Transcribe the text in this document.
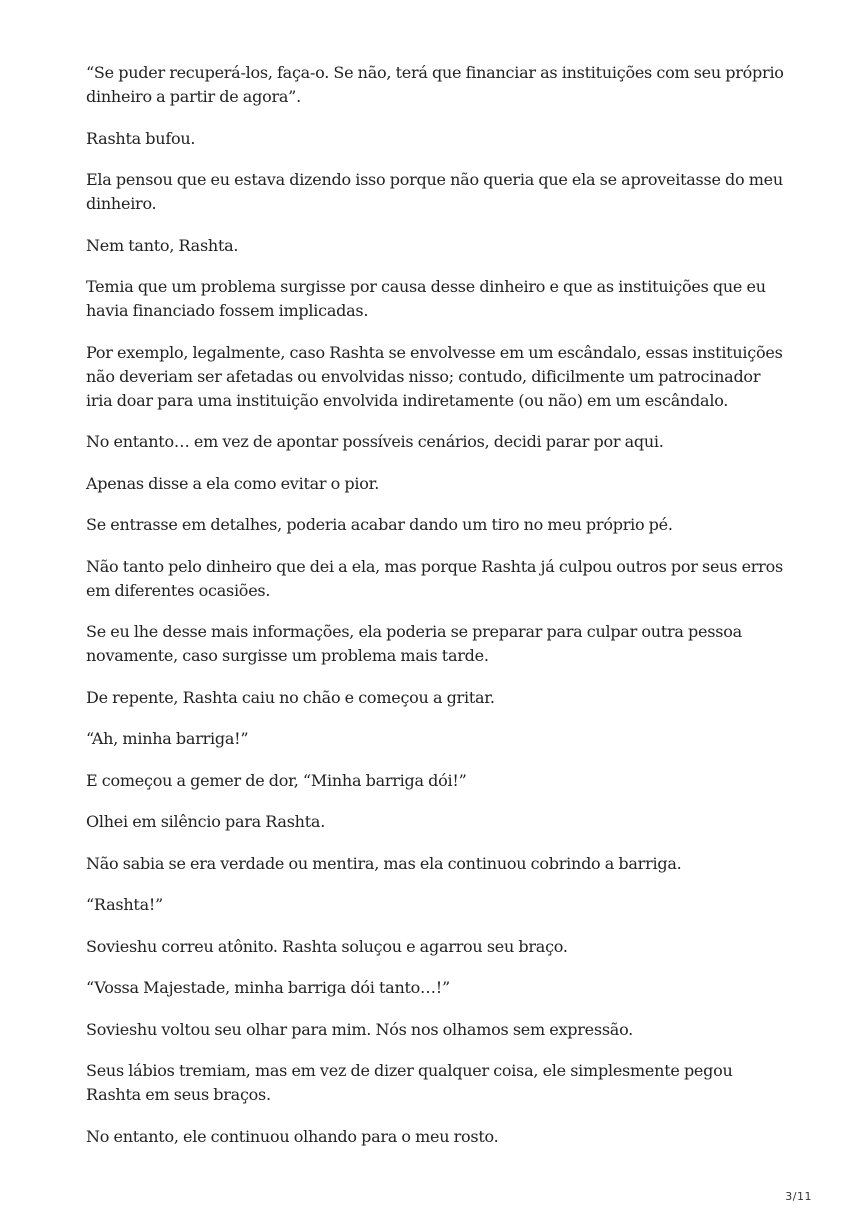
“Se puder recuperá-los, faça-o. Se não, terá que financiar as instituições com seu próprio dinheiro a partir de agora”.

Rashta bufou.

Ela pensou que eu estava dizendo isso porque não queria que ela se aproveitasse do meu dinheiro.

Nem tanto, Rashta.

Temia que um problema surgisse por causa desse dinheiro e que as instituições que eu havia financiado fossem implicadas.

Por exemplo, legalmente, caso Rashta se envolvesse em um escândalo, essas instituições não deveriam ser afetadas ou envolvidas nisso; contudo, dificilmente um patrocinador iria doar para uma instituição envolvida indiretamente (ou não) em um escândalo.

No entanto… em vez de apontar possíveis cenários, decidi parar por aqui.

Apenas disse a ela como evitar o pior.

Se entrasse em detalhes, poderia acabar dando um tiro no meu próprio pé.

Não tanto pelo dinheiro que dei a ela, mas porque Rashta já culpou outros por seus erros em diferentes ocasiões.

Se eu lhe desse mais informações, ela poderia se preparar para culpar outra pessoa novamente, caso surgisse um problema mais tarde.

De repente, Rashta caiu no chão e começou a gritar.

“Ah, minha barriga!”

E começou a gemer de dor, “Minha barriga dói!”

Olhei em silêncio para Rashta.

Não sabia se era verdade ou mentira, mas ela continuou cobrindo a barriga.

“Rashta!”

Sovieshu correu atônito. Rashta soluçou e agarrou seu braço.

“Vossa Majestade, minha barriga dói tanto…!”

Sovieshu voltou seu olhar para mim. Nós nos olhamos sem expressão.

Seus lábios tremiam, mas em vez de dizer qualquer coisa, ele simplesmente pegou Rashta em seus braços.

No entanto, ele continuou olhando para o meu rosto.

3/11
